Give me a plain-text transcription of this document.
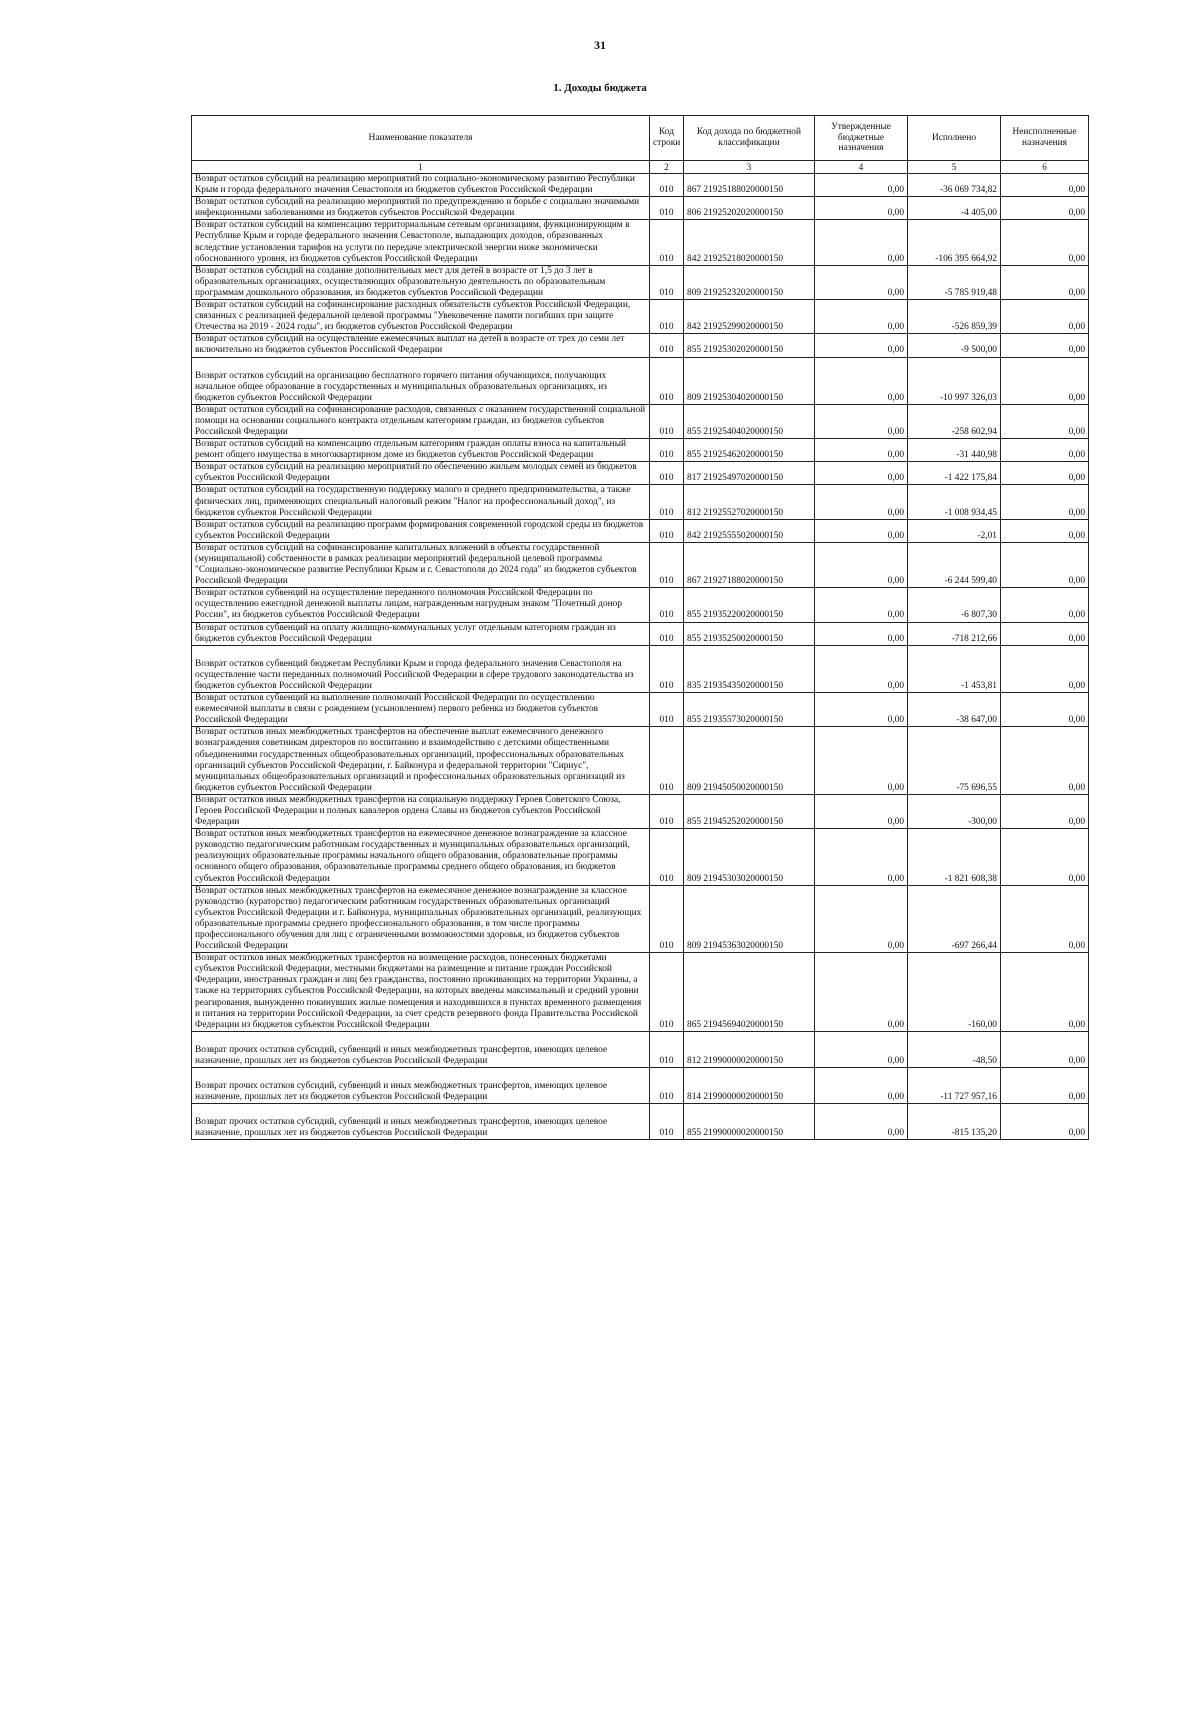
31
1. Доходы бюджета
Наименование показателя	Код строки	Код дохода по бюджетной классификации	Утвержденные бюджетные назначения	Исполнено	Неисполненные назначения
1	2	3	4	5	6
Возврат остатков субсидий на реализацию мероприятий по социально-экономическому развитию Республики Крым и города федерального значения Севастополя из бюджетов субъектов Российской Федерации	010	867 21925188020000150	0,00	-36 069 734,82	0,00
Возврат остатков субсидий на реализацию мероприятий по предупреждению и борьбе с социально значимыми инфекционными заболеваниями из бюджетов субъектов Российской Федерации	010	806 21925202020000150	0,00	-4 405,00	0,00
Возврат остатков субсидий на компенсацию территориальным сетевым организациям, функционирующим в Республике Крым и городе федерального значения Севастополе, выпадающих доходов, образованных вследствие установления тарифов на услуги по передаче электрической энергии ниже экономически обоснованного уровня, из бюджетов субъектов Российской Федерации	010	842 21925218020000150	0,00	-106 395 664,92	0,00
Возврат остатков субсидий на создание дополнительных мест для детей в возрасте от 1,5 до 3 лет в образовательных организациях, осуществляющих образовательную деятельность по образовательным программам дошкольного образования, из бюджетов субъектов Российской Федерации	010	809 21925232020000150	0,00	-5 785 919,48	0,00
Возврат остатков субсидий на софинансирование расходных обязательств субъектов Российской Федерации, связанных с реализацией федеральной целевой программы "Увековечение памяти погибших при защите Отечества на 2019 - 2024 годы", из бюджетов субъектов Российской Федерации	010	842 21925299020000150	0,00	-526 859,39	0,00
Возврат остатков субсидий на осуществление ежемесячных выплат на детей в возрасте от трех до семи лет включительно из бюджетов субъектов Российской Федерации	010	855 21925302020000150	0,00	-9 500,00	0,00
Возврат остатков субсидий на организацию бесплатного горячего питания обучающихся, получающих начальное общее образование в государственных и муниципальных образовательных организациях, из бюджетов субъектов Российской Федерации	010	809 21925304020000150	0,00	-10 997 326,03	0,00
Возврат остатков субсидий на софинансирование расходов, связанных с оказанием государственной социальной помощи на основании социального контракта отдельным категориям граждан, из бюджетов субъектов Российской Федерации	010	855 21925404020000150	0,00	-258 602,94	0,00
Возврат остатков субсидий на компенсацию отдельным категориям граждан оплаты взноса на капитальный ремонт общего имущества в многоквартирном доме из бюджетов субъектов Российской Федерации	010	855 21925462020000150	0,00	-31 440,98	0,00
Возврат остатков субсидий на реализацию мероприятий по обеспечению жильем молодых семей из бюджетов субъектов Российской Федерации	010	817 21925497020000150	0,00	-1 422 175,84	0,00
Возврат остатков субсидий на государственную поддержку малого и среднего предпринимательства, а также физических лиц, применяющих специальный налоговый режим "Налог на профессиональный доход", из бюджетов субъектов Российской Федерации	010	812 21925527020000150	0,00	-1 008 934,45	0,00
Возврат остатков субсидий на реализацию программ формирования современной городской среды из бюджетов субъектов Российской Федерации	010	842 21925555020000150	0,00	-2,01	0,00
Возврат остатков субсидий на софинансирование капитальных вложений в объекты государственной (муниципальной) собственности в рамках реализации мероприятий федеральной целевой программы "Социально-экономическое развитие Республики Крым и г. Севастополя до 2024 года" из бюджетов субъектов Российской Федерации	010	867 21927188020000150	0,00	-6 244 599,40	0,00
Возврат остатков субвенций на осуществление переданного полномочия Российской Федерации по осуществлению ежегодной денежной выплаты лицам, награжденным нагрудным знаком "Почетный донор России", из бюджетов субъектов Российской Федерации	010	855 21935220020000150	0,00	-6 807,30	0,00
Возврат остатков субвенций на оплату жилищно-коммунальных услуг отдельным категориям граждан из бюджетов субъектов Российской Федерации	010	855 21935250020000150	0,00	-718 212,66	0,00
Возврат остатков субвенций бюджетам Республики Крым и города федерального значения Севастополя на осуществление части переданных полномочий Российской Федерации в сфере трудового законодательства из бюджетов субъектов Российской Федерации	010	835 21935435020000150	0,00	-1 453,81	0,00
Возврат остатков субвенций на выполнение полномочий Российской Федерации по осуществлению ежемесячной выплаты в связи с рождением (усыновлением) первого ребенка из бюджетов субъектов Российской Федерации	010	855 21935573020000150	0,00	-38 647,00	0,00
Возврат остатков иных межбюджетных трансфертов на обеспечение выплат ежемесячного денежного вознаграждения советникам директоров по воспитанию и взаимодействию с детскими общественными объединениями государственных общеобразовательных организаций, профессиональных образовательных организаций субъектов Российской Федерации, г. Байконура и федеральной территории "Сириус", муниципальных общеобразовательных организаций и профессиональных образовательных организаций из бюджетов субъектов Российской Федерации	010	809 21945050020000150	0,00	-75 696,55	0,00
Возврат остатков иных межбюджетных трансфертов на социальную поддержку Героев Советского Союза, Героев Российской Федерации и полных кавалеров ордена Славы из бюджетов субъектов Российской Федерации	010	855 21945252020000150	0,00	-300,00	0,00
Возврат остатков иных межбюджетных трансфертов на ежемесячное денежное вознаграждение за классное руководство педагогическим работникам государственных и муниципальных образовательных организаций, реализующих образовательные программы начального общего образования, образовательные программы основного общего образования, образовательные программы среднего общего образования, из бюджетов субъектов Российской Федерации	010	809 21945303020000150	0,00	-1 821 608,38	0,00
Возврат остатков иных межбюджетных трансфертов на ежемесячное денежное вознаграждение за классное руководство (кураторство) педагогическим работникам государственных образовательных организаций субъектов Российской Федерации и г. Байконура, муниципальных образовательных организаций, реализующих образовательные программы среднего профессионального образования, в том числе программы профессионального обучения для лиц с ограниченными возможностями здоровья, из бюджетов субъектов Российской Федерации	010	809 21945363020000150	0,00	-697 266,44	0,00
Возврат остатков иных межбюджетных трансфертов на возмещение расходов, понесенных бюджетами субъектов Российской Федерации, местными бюджетами на размещение и питание граждан Российской Федерации, иностранных граждан и лиц без гражданства, постоянно проживающих на территории Украины, а также на территориях субъектов Российской Федерации, на которых введены максимальный и средний уровни реагирования, вынужденно покинувших жилые помещения и находившихся в пунктах временного размещения и питания на территории Российской Федерации, за счет средств резервного фонда Правительства Российской Федерации из бюджетов субъектов Российской Федерации	010	865 21945694020000150	0,00	-160,00	0,00
Возврат прочих остатков субсидий, субвенций и иных межбюджетных трансфертов, имеющих целевое назначение, прошлых лет из бюджетов субъектов Российской Федерации	010	812 21990000020000150	0,00	-48,50	0,00
Возврат прочих остатков субсидий, субвенций и иных межбюджетных трансфертов, имеющих целевое назначение, прошлых лет из бюджетов субъектов Российской Федерации	010	814 21990000020000150	0,00	-11 727 957,16	0,00
Возврат прочих остатков субсидий, субвенций и иных межбюджетных трансфертов, имеющих целевое назначение, прошлых лет из бюджетов субъектов Российской Федерации	010	855 21990000020000150	0,00	-815 135,20	0,00
